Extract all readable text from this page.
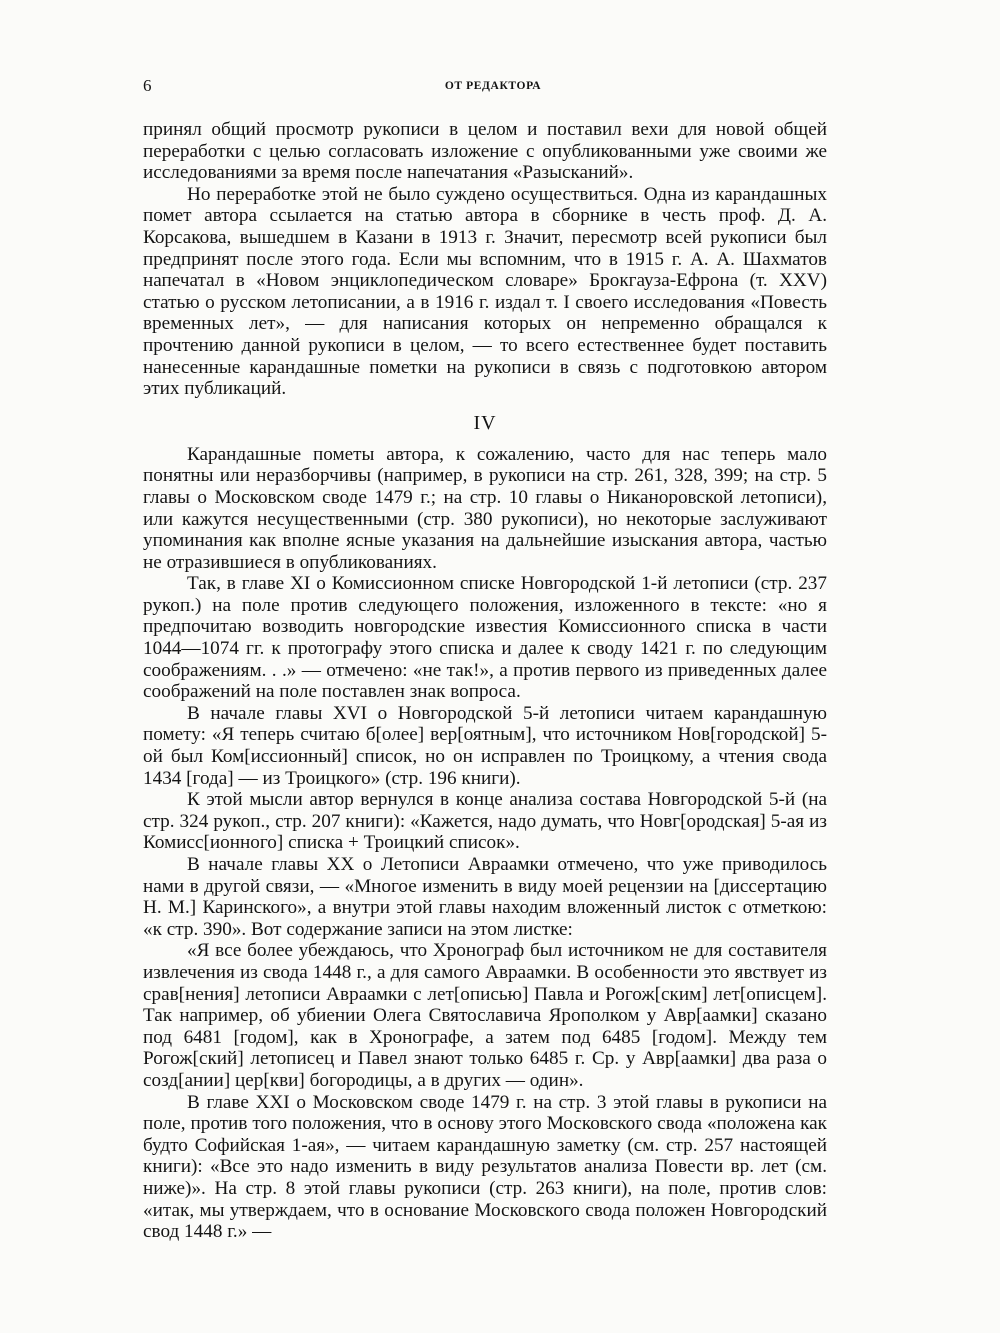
6	ОТ РЕДАКТОРА

принял общий просмотр рукописи в целом и поставил вехи для новой общей переработки с целью согласовать изложение с опубликованными уже своими же исследованиями за время после напечатания «Разысканий».

Но переработке этой не было суждено осуществиться. Одна из карандашных помет автора ссылается на статью автора в сборнике в честь проф. Д. А. Корсакова, вышедшем в Казани в 1913 г. Значит, пересмотр всей рукописи был предпринят после этого года. Если мы вспомним, что в 1915 г. А. А. Шахматов напечатал в «Новом энциклопедическом словаре» Брокгауза-Ефрона (т. XXV) статью о русском летописании, а в 1916 г. издал т. I своего исследования «Повесть временных лет», — для написания которых он непременно обращался к прочтению данной рукописи в целом, — то всего естественнее будет поставить нанесенные карандашные пометки на рукописи в связь с подготовкою автором этих публикаций.

IV

Карандашные пометы автора, к сожалению, часто для нас теперь мало понятны или неразборчивы (например, в рукописи на стр. 261, 328, 399; на стр. 5 главы о Московском своде 1479 г.; на стр. 10 главы о Никаноровской летописи), или кажутся несущественными (стр. 380 рукописи), но некоторые заслуживают упоминания как вполне ясные указания на дальнейшие изыскания автора, частью не отразившиеся в опубликованиях.

Так, в главе XI о Комиссионном списке Новгородской 1-й летописи (стр. 237 рукоп.) на поле против следующего положения, изложенного в тексте: «но я предпочитаю возводить новгородские известия Комиссионного списка в части 1044—1074 гг. к протографу этого списка и далее к своду 1421 г. по следующим соображениям. . .» — отмечено: «не так!», а против первого из приведенных далее соображений на поле поставлен знак вопроса.

В начале главы XVI о Новгородской 5-й летописи читаем карандашную помету: «Я теперь считаю б[олее] вер[оятным], что источником Нов[городской] 5-ой был Ком[иссионный] список, но он исправлен по Троицкому, а чтения свода 1434 [года] — из Троицкого» (стр. 196 книги).

К этой мысли автор вернулся в конце анализа состава Новгородской 5-й (на стр. 324 рукоп., стр. 207 книги): «Кажется, надо думать, что Новг[ородская] 5-ая из Комисс[ионного] списка + Троицкий список».

В начале главы XX о Летописи Авраамки отмечено, что уже приводилось нами в другой связи, — «Многое изменить в виду моей рецензии на [диссертацию Н. М.] Каринского», а внутри этой главы находим вложенный листок с отметкою: «к стр. 390». Вот содержание записи на этом листке:

«Я все более убеждаюсь, что Хронограф был источником не для составителя извлечения из свода 1448 г., а для самого Авраамки. В особенности это явствует из срав[нения] летописи Авраамки с лет[описью] Павла и Рогож[ским] лет[описцем]. Так например, об убиении Олега Святославича Ярополком у Авр[аамки] сказано под 6481 [годом], как в Хронографе, а затем под 6485 [годом]. Между тем Рогож[ский] летописец и Павел знают только 6485 г. Ср. у Авр[аамки] два раза о созд[ании] цер[кви] богородицы, а в других — один».

В главе XXI о Московском своде 1479 г. на стр. 3 этой главы в рукописи на поле, против того положения, что в основу этого Московского свода «положена как будто Софийская 1-ая», — читаем карандашную заметку (см. стр. 257 настоящей книги): «Все это надо изменить в виду результатов анализа Повести вр. лет (см. ниже)». На стр. 8 этой главы рукописи (стр. 263 книги), на поле, против слов: «итак, мы утверждаем, что в основание Московского свода положен Новгородский свод 1448 г.» —
